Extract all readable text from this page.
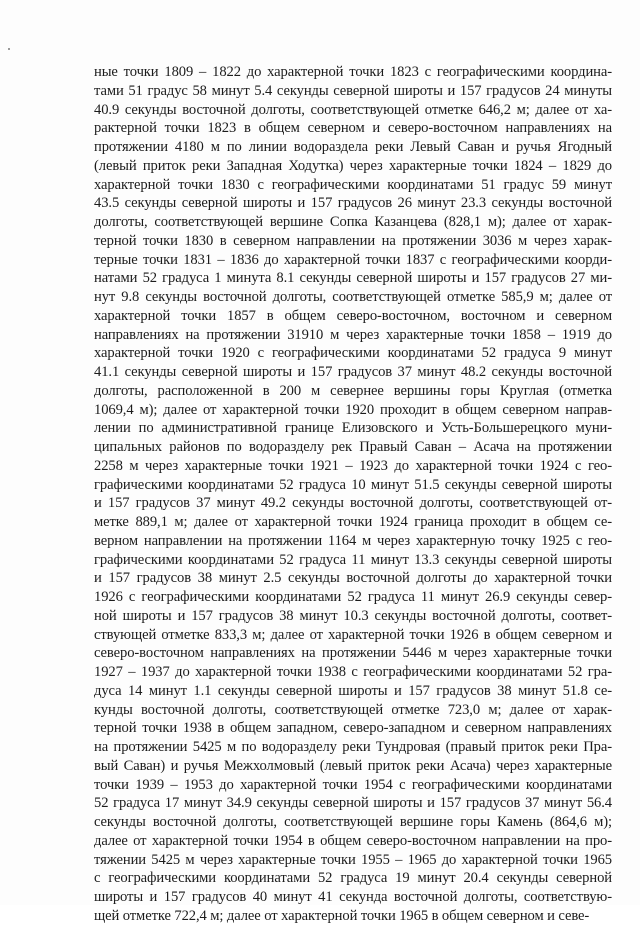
ные точки 1809 – 1822 до характерной точки 1823 с географическими координа-
тами 51 градус 58 минут 5.4 секунды северной широты и 157 градусов 24 минуты
40.9 секунды восточной долготы, соответствующей отметке 646,2 м; далее от ха-
рактерной точки 1823 в общем северном и северо-восточном направлениях на
протяжении 4180 м по линии водораздела реки Левый Саван и ручья Ягодный
(левый приток реки Западная Ходутка) через характерные точки 1824 – 1829 до
характерной точки 1830 с географическими координатами 51 градус 59 минут
43.5 секунды северной широты и 157 градусов 26 минут 23.3 секунды восточной
долготы, соответствующей вершине Сопка Казанцева (828,1 м); далее от харак-
терной точки 1830 в северном направлении на протяжении 3036 м через харак-
терные точки 1831 – 1836 до характерной точки 1837 с географическими коорди-
натами 52 градуса 1 минута 8.1 секунды северной широты и 157 градусов 27 ми-
нут 9.8 секунды восточной долготы, соответствующей отметке 585,9 м; далее от
характерной точки 1857 в общем северо-восточном, восточном и северном
направлениях на протяжении 31910 м через характерные точки 1858 – 1919 до
характерной точки 1920 с географическими координатами 52 градуса 9 минут
41.1 секунды северной широты и 157 градусов 37 минут 48.2 секунды восточной
долготы, расположенной в 200 м севернее вершины горы Круглая (отметка
1069,4 м); далее от характерной точки 1920 проходит в общем северном направ-
лении по административной границе Елизовского и Усть-Большерецкого муни-
ципальных районов по водоразделу рек Правый Саван – Асача на протяжении
2258 м через характерные точки 1921 – 1923 до характерной точки 1924 с гео-
графическими координатами 52 градуса 10 минут 51.5 секунды северной широты
и 157 градусов 37 минут 49.2 секунды восточной долготы, соответствующей от-
метке 889,1 м; далее от характерной точки 1924 граница проходит в общем се-
верном направлении на протяжении 1164 м через характерную точку 1925 с гео-
графическими координатами 52 градуса 11 минут 13.3 секунды северной широты
и 157 градусов 38 минут 2.5 секунды восточной долготы до характерной точки
1926 с географическими координатами 52 градуса 11 минут 26.9 секунды север-
ной широты и 157 градусов 38 минут 10.3 секунды восточной долготы, соответ-
ствующей отметке 833,3 м; далее от характерной точки 1926 в общем северном и
северо-восточном направлениях на протяжении 5446 м через характерные точки
1927 – 1937 до характерной точки 1938 с географическими координатами 52 гра-
дуса 14 минут 1.1 секунды северной широты и 157 градусов 38 минут 51.8 се-
кунды восточной долготы, соответствующей отметке 723,0 м; далее от харак-
терной точки 1938 в общем западном, северо-западном и северном направлениях
на протяжении 5425 м по водоразделу реки Тундровая (правый приток реки Пра-
вый Саван) и ручья Межхолмовый (левый приток реки Асача) через характерные
точки 1939 – 1953 до характерной точки 1954 с географическими координатами
52 градуса 17 минут 34.9 секунды северной широты и 157 градусов 37 минут 56.4
секунды восточной долготы, соответствующей вершине горы Камень (864,6 м);
далее от характерной точки 1954 в общем северо-восточном направлении на про-
тяжении 5425 м через характерные точки 1955 – 1965 до характерной точки 1965
с географическими координатами 52 градуса 19 минут 20.4 секунды северной
широты и 157 градусов 40 минут 41 секунда восточной долготы, соответствую-
щей отметке 722,4 м; далее от характерной точки 1965 в общем северном и севе-
